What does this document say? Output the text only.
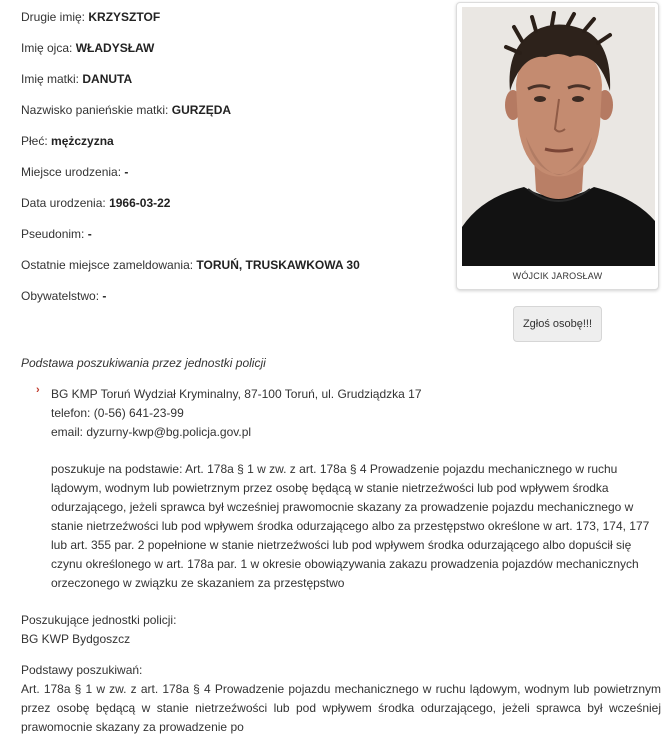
Drugie imię: KRZYSZTOF
Imię ojca: WŁADYSŁAW
Imię matki: DANUTA
Nazwisko panieńskie matki: GURZĘDA
Płeć: mężczyzna
Miejsce urodzenia: -
Data urodzenia: 1966-03-22
Pseudonim: -
Ostatnie miejsce zameldowania: TORUŃ, TRUSKAWKOWA 30
Obywatelstwo: -
WÓJCIK JAROSŁAW
Zgłoś osobę!!!
Podstawa poszukiwania przez jednostki policji
› BG KMP Toruń Wydział Kryminalny, 87-100 Toruń, ul. Grudziądzka 17
telefon: (0-56) 641-23-99
email: dyzurny-kwp@bg.policja.gov.pl
poszukuje na podstawie: Art. 178a § 1 w zw. z art. 178a § 4 Prowadzenie pojazdu mechanicznego w ruchu lądowym, wodnym lub powietrznym przez osobę będącą w stanie nietrzeźwości lub pod wpływem środka odurzającego, jeżeli sprawca był wcześniej prawomocnie skazany za prowadzenie pojazdu mechanicznego w stanie nietrzeźwości lub pod wpływem środka odurzającego albo za przestępstwo określone w art. 173, 174, 177 lub art. 355 par. 2 popełnione w stanie nietrzeźwości lub pod wpływem środka odurzającego albo dopuścił się czynu określonego w art. 178a par. 1 w okresie obowiązywania zakazu prowadzenia pojazdów mechanicznych orzeczonego w związku ze skazaniem za przestępstwo
Poszukujące jednostki policji:
BG KWP Bydgoszcz
Podstawy poszukiwań:
Art. 178a § 1 w zw. z art. 178a § 4 Prowadzenie pojazdu mechanicznego w ruchu lądowym, wodnym lub powietrznym przez osobę będącą w stanie nietrzeźwości lub pod wpływem środka odurzającego, jeżeli sprawca był wcześniej prawomocnie skazany za prowadzenie po
